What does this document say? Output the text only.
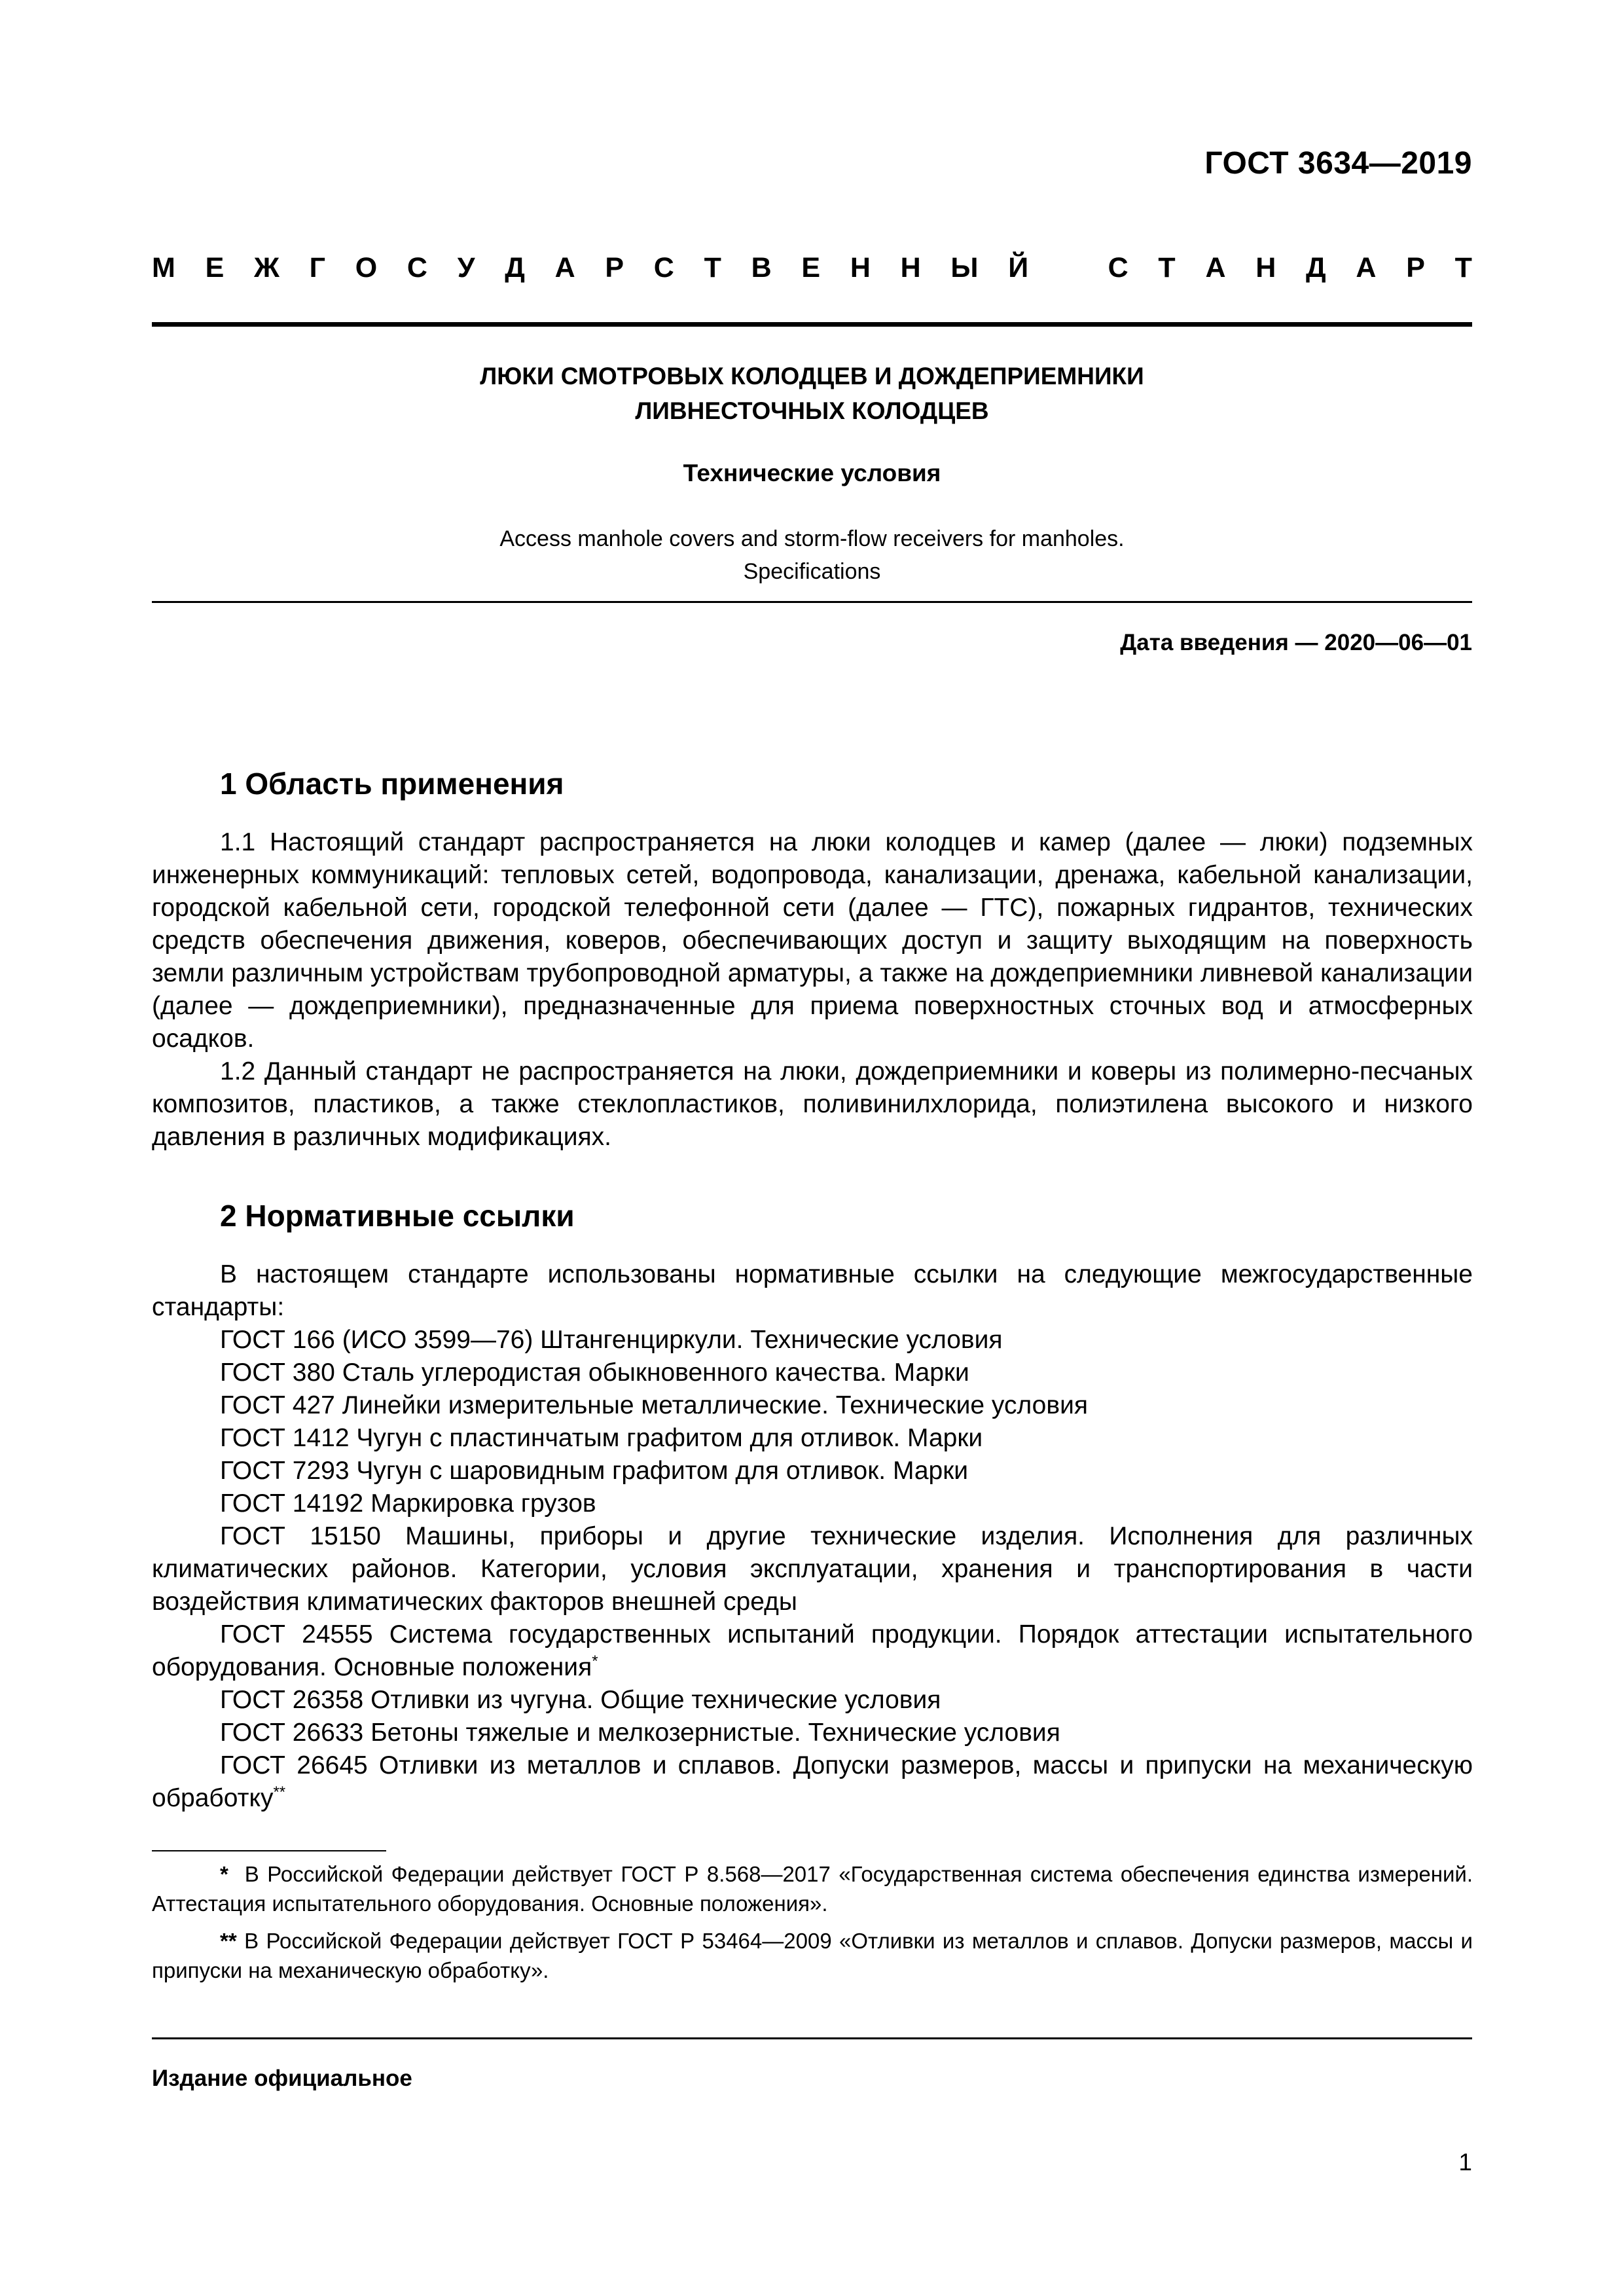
ГОСТ 3634—2019
М Е Ж Г О С У Д А Р С Т В Е Н Н Ы Й	С Т А Н Д А Р Т
ЛЮКИ СМОТРОВЫХ КОЛОДЦЕВ И ДОЖДЕПРИЕМНИКИ
ЛИВНЕСТОЧНЫХ КОЛОДЦЕВ
Технические условия
Access manhole covers and storm-flow receivers for manholes.
Specifications
Дата введения — 2020—06—01
1 Область применения

1.1 Настоящий стандарт распространяется на люки колодцев и камер (далее — люки) подземных инженерных коммуникаций: тепловых сетей, водопровода, канализации, дренажа, кабельной канализации, городской кабельной сети, городской телефонной сети (далее — ГТС), пожарных гидрантов, технических средств обеспечения движения, коверов, обеспечивающих доступ и защиту выходящим на поверхность земли различным устройствам трубопроводной арматуры, а также на дождеприемники ливневой канализации (далее — дождеприемники), предназначенные для приема поверхностных сточных вод и атмосферных осадков.

1.2 Данный стандарт не распространяется на люки, дождеприемники и коверы из полимерно-песчаных композитов, пластиков, а также стеклопластиков, поливинилхлорида, полиэтилена высокого и низкого давления в различных модификациях.

2 Нормативные ссылки

В настоящем стандарте использованы нормативные ссылки на следующие межгосударственные стандарты:

ГОСТ 166 (ИСО 3599—76) Штангенциркули. Технические условия

ГОСТ 380 Сталь углеродистая обыкновенного качества. Марки

ГОСТ 427 Линейки измерительные металлические. Технические условия

ГОСТ 1412 Чугун с пластинчатым графитом для отливок. Марки

ГОСТ 7293 Чугун с шаровидным графитом для отливок. Марки

ГОСТ 14192 Маркировка грузов

ГОСТ 15150 Машины, приборы и другие технические изделия. Исполнения для различных климатических районов. Категории, условия эксплуатации, хранения и транспортирования в части воздействия климатических факторов внешней среды

ГОСТ 24555 Система государственных испытаний продукции. Порядок аттестации испытательного оборудования. Основные положения*

ГОСТ 26358 Отливки из чугуна. Общие технические условия

ГОСТ 26633 Бетоны тяжелые и мелкозернистые. Технические условия

ГОСТ 26645 Отливки из металлов и сплавов. Допуски размеров, массы и припуски на механическую обработку**

* В Российской Федерации действует ГОСТ Р 8.568—2017 «Государственная система обеспечения единства измерений. Аттестация испытательного оборудования. Основные положения».

** В Российской Федерации действует ГОСТ Р 53464—2009 «Отливки из металлов и сплавов. Допуски размеров, массы и припуски на механическую обработку».

Издание официальное
1
